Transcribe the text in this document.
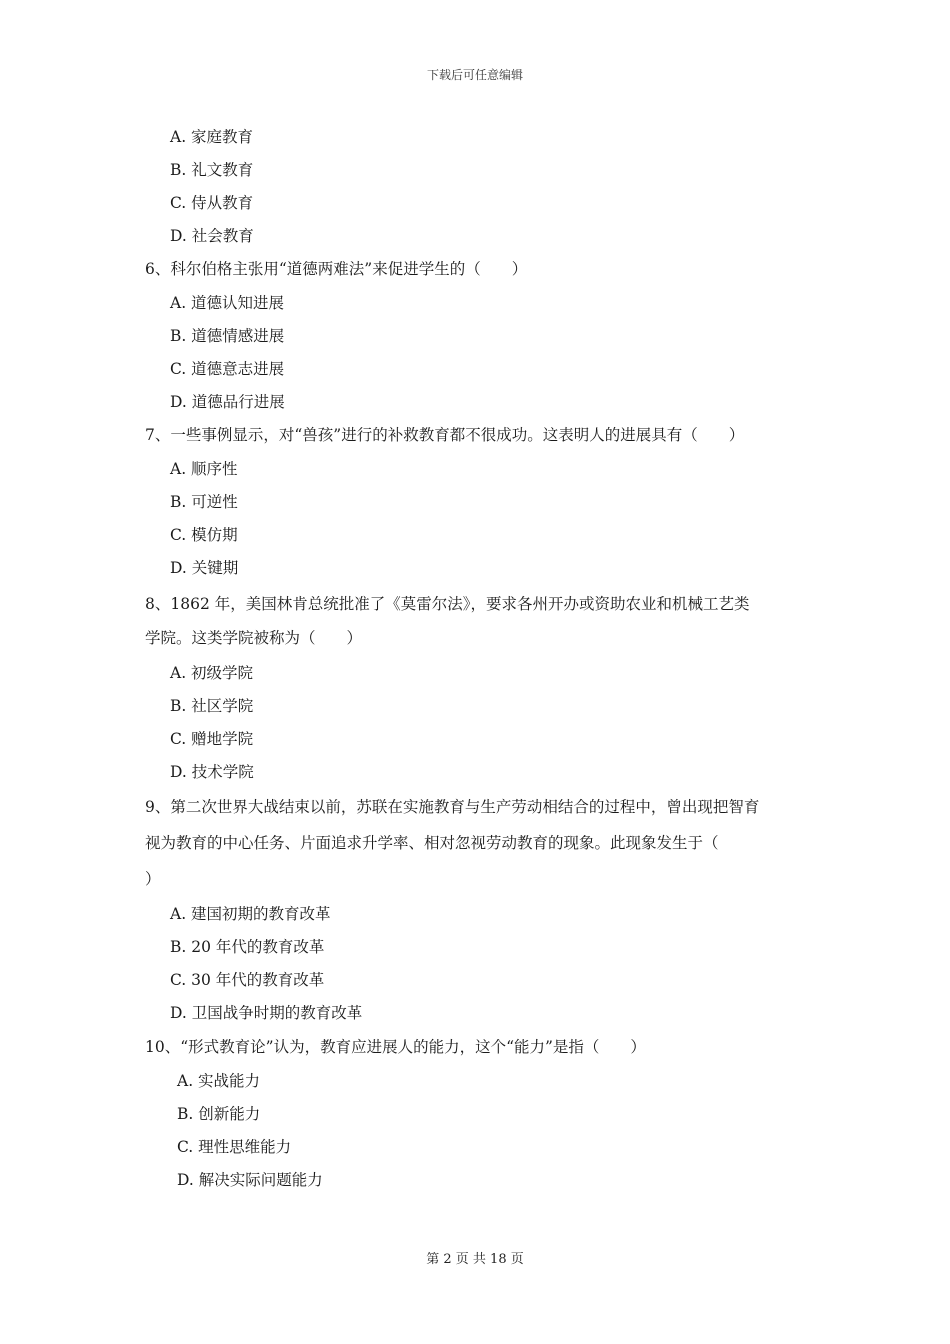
下载后可任意编辑
A. 家庭教育
B. 礼文教育
C. 侍从教育
D. 社会教育
6、科尔伯格主张用“道德两难法”来促进学生的（　　）
A. 道德认知进展
B. 道德情感进展
C. 道德意志进展
D. 道德品行进展
7、一些事例显示，对“兽孩”进行的补救教育都不很成功。这表明人的进展具有（　　）
A. 顺序性
B. 可逆性
C. 模仿期
D. 关键期
8、1862 年，美国林肯总统批准了《莫雷尔法》，要求各州开办或资助农业和机械工艺类
学院。这类学院被称为（　　）
A. 初级学院
B. 社区学院
C. 赠地学院
D. 技术学院
9、第二次世界大战结束以前，苏联在实施教育与生产劳动相结合的过程中，曾出现把智育
视为教育的中心任务、片面追求升学率、相对忽视劳动教育的现象。此现象发生于（
）
A. 建国初期的教育改革
B. 20 年代的教育改革
C. 30 年代的教育改革
D. 卫国战争时期的教育改革
10、“形式教育论”认为，教育应进展人的能力，这个“能力”是指（　　）
A. 实战能力
B. 创新能力
C. 理性思维能力
D. 解决实际问题能力
第 2 页 共 18 页
